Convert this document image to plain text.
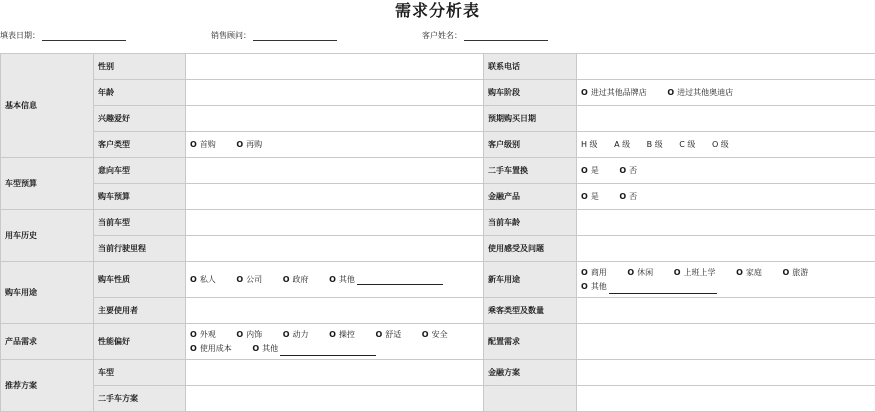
需求分析表
填表日期：	销售顾问：	客户姓名：
基本信息	性别		联系电话	
	年龄		购车阶段	O 进过其他品牌店 O 进过其他奥迪店
	兴趣爱好		预期购买日期	
	客户类型	O 首购 O 再购	客户级别	H 级 A 级 B 级 C 级 O 级
车型预算	意向车型		二手车置换	O 是 O 否
	购车预算		金融产品	O 是 O 否
用车历史	当前车型		当前车龄	
	当前行驶里程		使用感受及问题	
购车用途	购车性质	O 私人 O 公司 O 政府 O 其他	新车用途	O 商用 O 休闲 O 上班上学 O 家庭 O 旅游
O 其他

	主要使用者		乘客类型及数量	
产品需求	性能偏好	O 外观 O 内饰 O 动力 O 操控 O 舒适 O 安全
O 使用成本 O 其他	配置需求	
推荐方案	车型		金融方案	
	二手车方案			
